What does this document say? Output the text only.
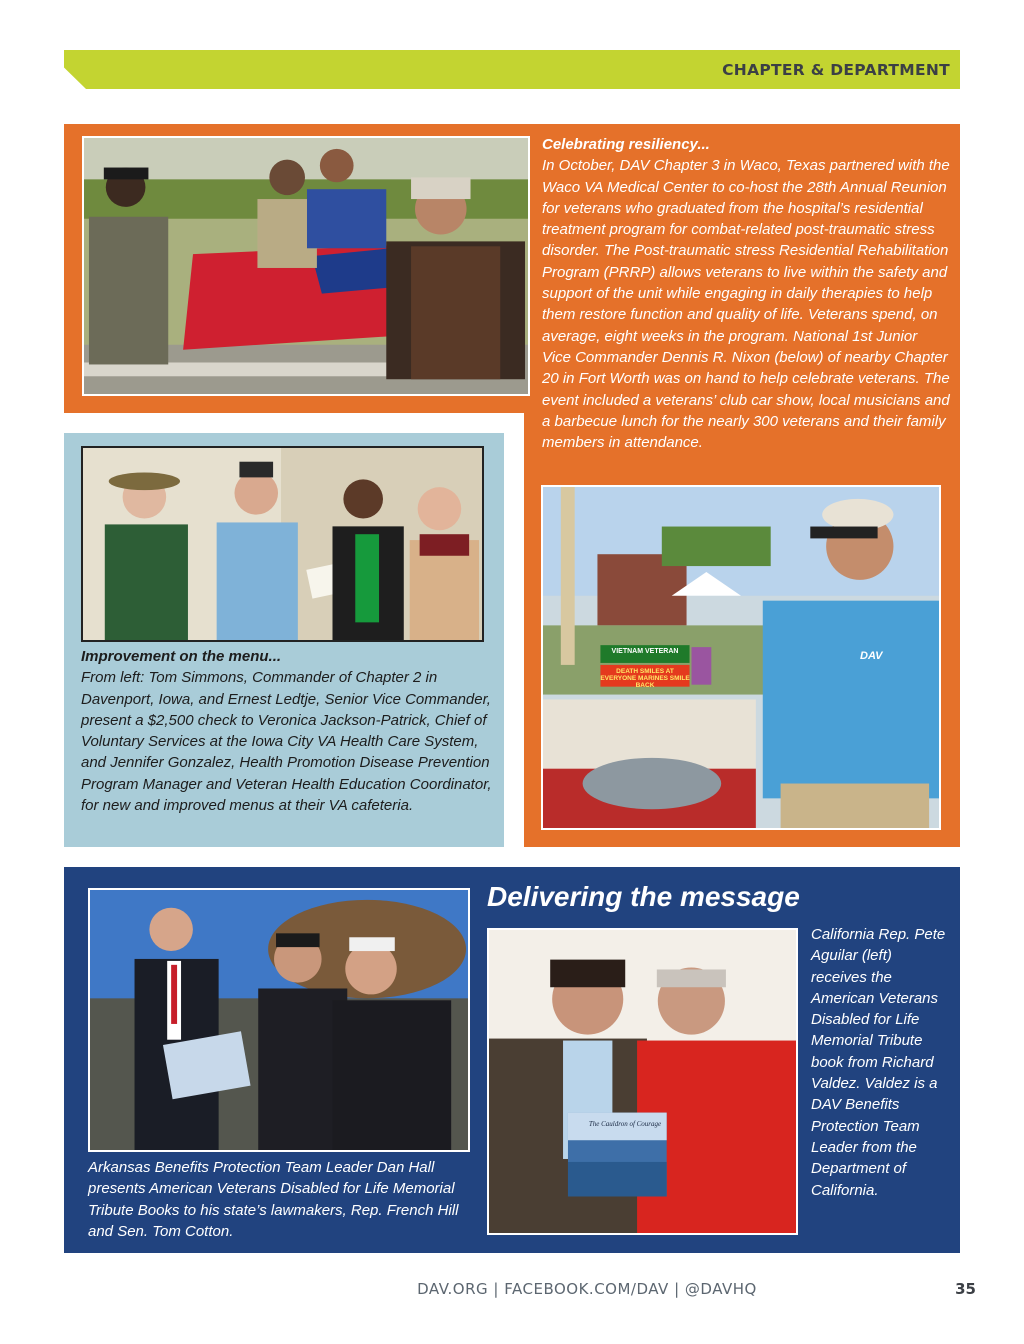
CHAPTER & DEPARTMENT
Celebrating resiliency...
In October, DAV Chapter 3 in Waco, Texas partnered with the Waco VA Medical Center to co-host the 28th Annual Reunion for veterans who graduated from the hospital’s residential treatment program for combat-related post-traumatic stress disorder. The Post-traumatic stress Residential Rehabilitation Program (PRRP) allows veterans to live within the safety and support of the unit while engaging in daily therapies to help them restore function and quality of life. Veterans spend, on average, eight weeks in the program. National 1st Junior Vice Commander Dennis R. Nixon (below) of nearby Chapter 20 in Fort Worth was on hand to help celebrate veterans. The event included a veterans’ club car show, local musicians and a barbecue lunch for the nearly 300 veterans and their family members in attendance.
Improvement on the menu...
From left: Tom Simmons, Commander of Chapter 2 in Davenport, Iowa, and Ernest Ledtje, Senior Vice Commander, present a $2,500 check to Veronica Jackson-Patrick, Chief of Voluntary Services at the Iowa City VA Health Care System, and Jennifer Gonzalez, Health Promotion Disease Prevention Program Manager and Veteran Health Education Coordinator, for new and improved menus at their VA cafeteria.
DAV
VIETNAM VETERAN
DEATH SMILES AT EVERYONE MARINES SMILE BACK
Delivering the message
Arkansas Benefits Protection Team Leader Dan Hall presents American Veterans Disabled for Life Memorial Tribute Books to his state’s lawmakers, Rep. French Hill and Sen. Tom Cotton.
The Cauldron of Courage
California Rep. Pete Aguilar (left) receives the American Veterans Disabled for Life Memorial Tribute book from Richard Valdez. Valdez is a DAV Benefits Protection Team Leader from the Department of California.
DAV.ORG | FACEBOOK.COM/DAV | @DAVHQ	35
